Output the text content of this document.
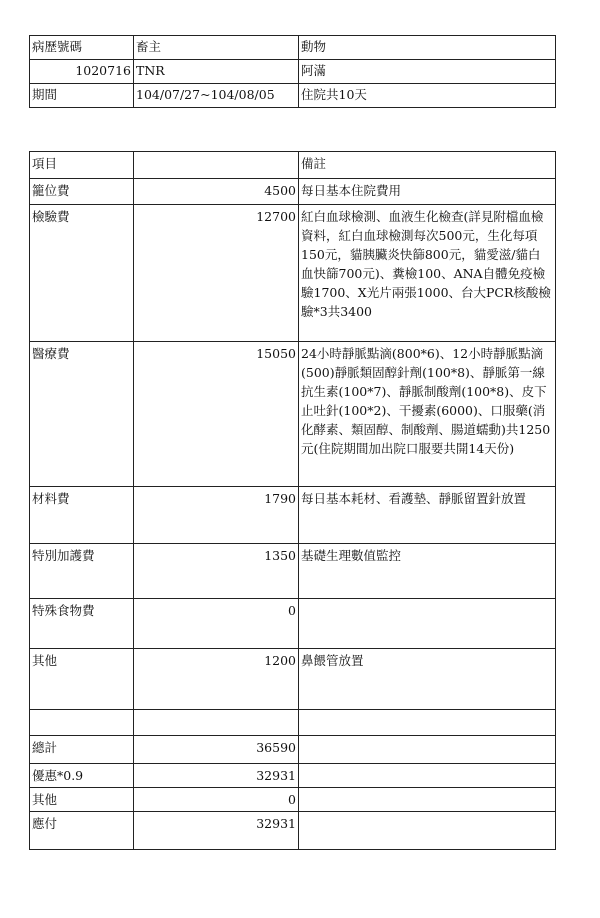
病歷號碼	畜主	動物
1020716	TNR	阿滿
期間	104/07/27~104/08/05	住院共10天
項目		備註
籠位費	4500	每日基本住院費用
檢驗費	12700	紅白血球檢測、血液生化檢查(詳見附檔血檢資料，紅白血球檢測每次500元，生化每項150元，貓胰臟炎快篩800元，貓愛滋/貓白血快篩700元)、糞檢100、ANA自體免疫檢驗1700、X光片兩張1000、台大PCR核酸檢驗*3共3400
醫療費	15050	24小時靜脈點滴(800*6)、12小時靜脈點滴(500)靜脈類固醇針劑(100*8)、靜脈第一線抗生素(100*7)、靜脈制酸劑(100*8)、皮下止吐針(100*2)、干擾素(6000)、口服藥(消化酵素、類固醇、制酸劑、腸道蠕動)共1250元(住院期間加出院口服要共開14天份)
材料費	1790	每日基本耗材、看護墊、靜脈留置針放置
特別加護費	1350	基礎生理數值監控
特殊食物費	0	
其他	1200	鼻餵管放置

總計	36590	
優惠*0.9	32931	
其他	0	
應付	32931	
